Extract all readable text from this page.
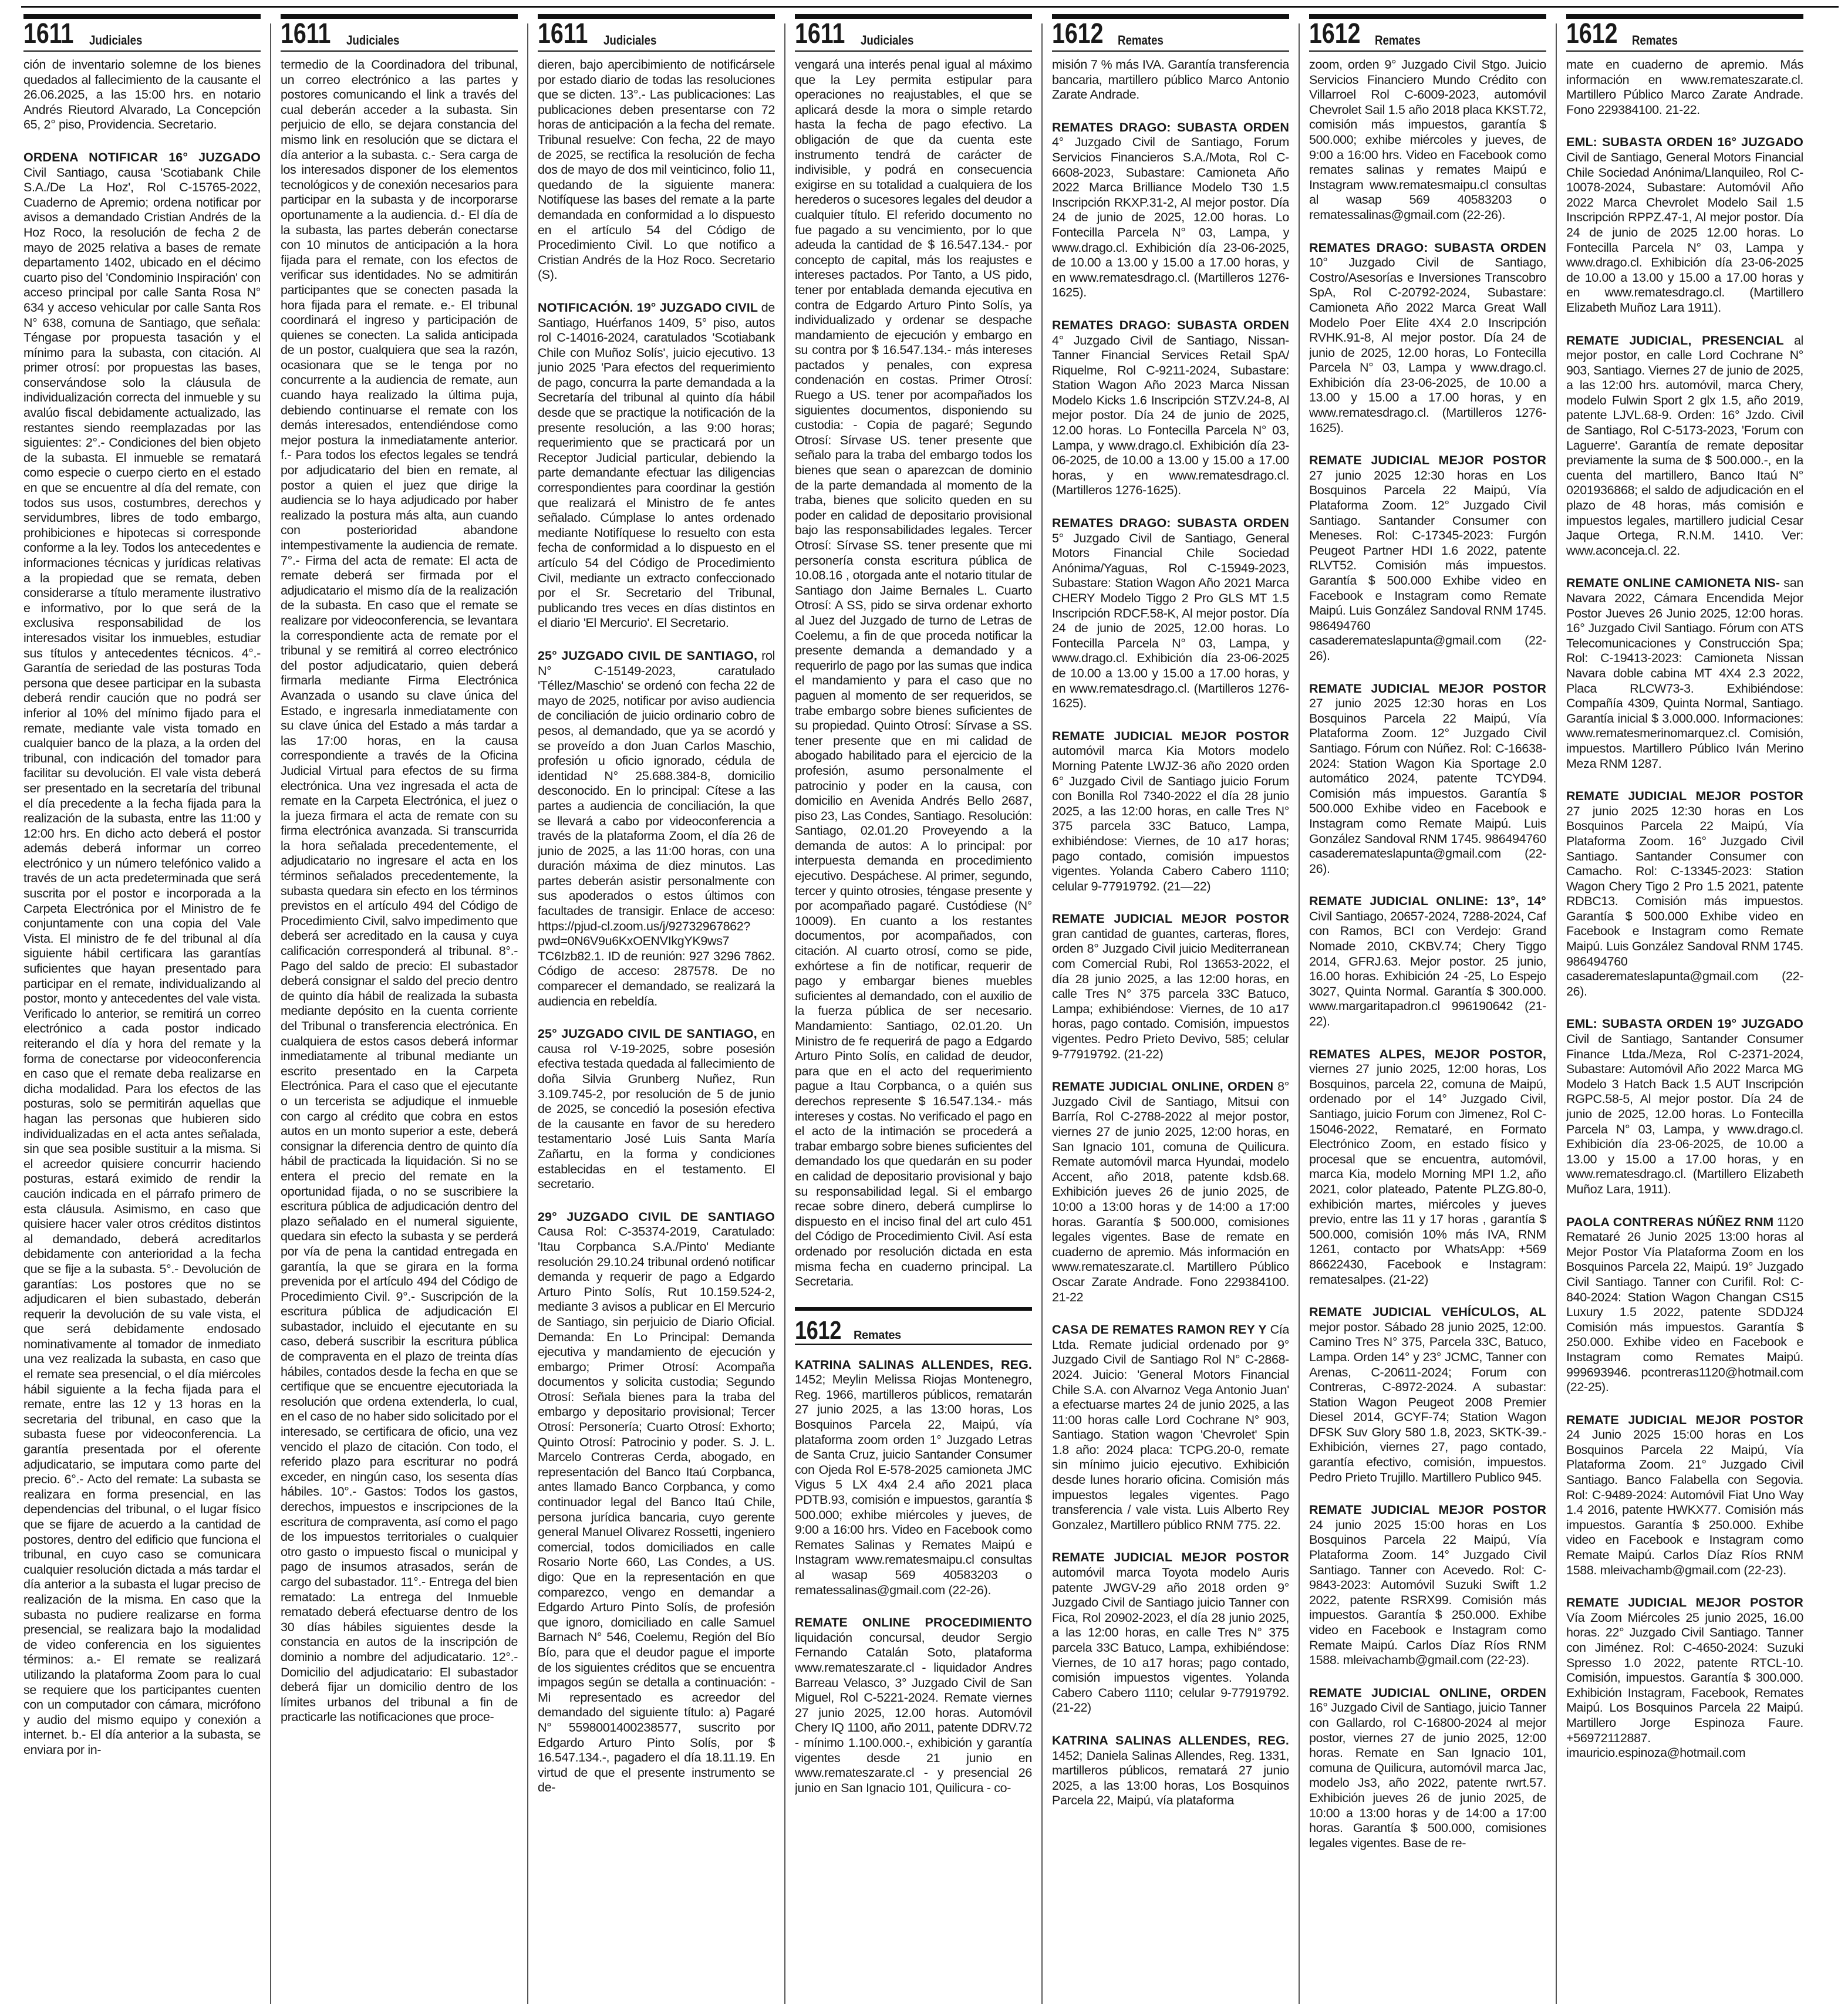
1611 Judiciales

ción de inventario solemne de los bienes quedados al fallecimiento de la causante el 26.06.2025, a las 15:00 hrs. en notario Andrés Rieutord Alvarado, La Concepción 65, 2° piso, Providencia. Secretario.

ORDENA NOTIFICAR 16° JUZGADO Civil Santiago, causa 'Scotiabank Chile S.A./De La Hoz', Rol C-15765-2022, Cuaderno de Apremio; ordena notificar por avisos a demandado Cristian Andrés de la Hoz Roco, la resolución de fecha 2 de mayo de 2025 relativa a bases de remate departamento 1402, ubicado en el décimo cuarto piso del 'Condominio Inspiración' con acceso principal por calle Santa Rosa N° 634 y acceso vehicular por calle Santa Ros N° 638, comuna de Santiago, que señala: Téngase por propuesta tasación y el mínimo para la subasta, con citación. Al primer otrosí: por propuestas las bases, conservándose solo la cláusula de individualización correcta del inmueble y su avalúo fiscal debidamente actualizado, las restantes siendo reemplazadas por las siguientes: 2°.- Condiciones del bien objeto de la subasta. El inmueble se rematará como especie o cuerpo cierto en el estado en que se encuentre al día del remate, con todos sus usos, costumbres, derechos y servidumbres, libres de todo embargo, prohibiciones e hipotecas si corresponde conforme a la ley. Todos los antecedentes e informaciones técnicas y jurídicas relativas a la propiedad que se remata, deben considerarse a título meramente ilustrativo e informativo, por lo que será de la exclusiva responsabilidad de los interesados visitar los inmuebles, estudiar sus títulos y antecedentes técnicos. 4°.- Garantía de seriedad de las posturas Toda persona que desee participar en la subasta deberá rendir caución que no podrá ser inferior al 10% del mínimo fijado para el remate, mediante vale vista tomado en cualquier banco de la plaza, a la orden del tribunal, con indicación del tomador para facilitar su devolución. El vale vista deberá ser presentado en la secretaría del tribunal el día precedente a la fecha fijada para la realización de la subasta, entre las 11:00 y 12:00 hrs. En dicho acto deberá el postor además deberá informar un correo electrónico y un número telefónico valido a través de un acta predeterminada que será suscrita por el postor e incorporada a la Carpeta Electrónica por el Ministro de fe conjuntamente con una copia del Vale Vista. El ministro de fe del tribunal al día siguiente hábil certificara las garantías suficientes que hayan presentado para participar en el remate, individualizando al postor, monto y antecedentes del vale vista. Verificado lo anterior, se remitirá un correo electrónico a cada postor indicado reiterando el día y hora del remate y la forma de conectarse por videoconferencia en caso que el remate deba realizarse en dicha modalidad. Para los efectos de las posturas, solo se permitirán aquellas que hagan las personas que hubieren sido individualizadas en el acta antes señalada, sin que sea posible sustituir a la misma. Si el acreedor quisiere concurrir haciendo posturas, estará eximido de rendir la caución indicada en el párrafo primero de esta cláusula. Asimismo, en caso que quisiere hacer valer otros créditos distintos al demandado, deberá acreditarlos debidamente con anterioridad a la fecha que se fije a la subasta. 5°.- Devolución de garantías: Los postores que no se adjudicaren el bien subastado, deberán requerir la devolución de su vale vista, el que será debidamente endosado nominativamente al tomador de inmediato una vez realizada la subasta, en caso que el remate sea presencial, o el día miércoles hábil siguiente a la fecha fijada para el remate, entre las 12 y 13 horas en la secretaria del tribunal, en caso que la subasta fuese por videoconferencia. La garantía presentada por el oferente adjudicatario, se imputara como parte del precio. 6°.- Acto del remate: La subasta se realizara en forma presencial, en las dependencias del tribunal, o el lugar físico que se fijare de acuerdo a la cantidad de postores, dentro del edificio que funciona el tribunal, en cuyo caso se comunicara cualquier resolución dictada a más tardar el día anterior a la subasta el lugar preciso de realización de la misma. En caso que la subasta no pudiere realizarse en forma presencial, se realizara bajo la modalidad de video conferencia en los siguientes términos: a.- El remate se realizará utilizando la plataforma Zoom para lo cual se requiere que los participantes cuenten con un computador con cámara, micrófono y audio del mismo equipo y conexión a internet. b.- El día anterior a la subasta, se enviara por in-

1611 Judiciales

termedio de la Coordinadora del tribunal, un correo electrónico a las partes y postores comunicando el link a través del cual deberán acceder a la subasta. Sin perjuicio de ello, se dejara constancia del mismo link en resolución que se dictara el día anterior a la subasta. c.- Sera carga de los interesados disponer de los elementos tecnológicos y de conexión necesarios para participar en la subasta y de incorporarse oportunamente a la audiencia. d.- El día de la subasta, las partes deberán conectarse con 10 minutos de anticipación a la hora fijada para el remate, con los efectos de verificar sus identidades. No se admitirán participantes que se conecten pasada la hora fijada para el remate. e.- El tribunal coordinará el ingreso y participación de quienes se conecten. La salida anticipada de un postor, cualquiera que sea la razón, ocasionara que se le tenga por no concurrente a la audiencia de remate, aun cuando haya realizado la última puja, debiendo continuarse el remate con los demás interesados, entendiéndose como mejor postura la inmediatamente anterior. f.- Para todos los efectos legales se tendrá por adjudicatario del bien en remate, al postor a quien el juez que dirige la audiencia se lo haya adjudicado por haber realizado la postura más alta, aun cuando con posterioridad abandone intempestivamente la audiencia de remate. 7°.- Firma del acta de remate: El acta de remate deberá ser firmada por el adjudicatario el mismo día de la realización de la subasta. En caso que el remate se realizare por videoconferencia, se levantara la correspondiente acta de remate por el tribunal y se remitirá al correo electrónico del postor adjudicatario, quien deberá firmarla mediante Firma Electrónica Avanzada o usando su clave única del Estado, e ingresarla inmediatamente con su clave única del Estado a más tardar a las 17:00 horas, en la causa correspondiente a través de la Oficina Judicial Virtual para efectos de su firma electrónica. Una vez ingresada el acta de remate en la Carpeta Electrónica, el juez o la jueza firmara el acta de remate con su firma electrónica avanzada. Si transcurrida la hora señalada precedentemente, el adjudicatario no ingresare el acta en los términos señalados precedentemente, la subasta quedara sin efecto en los términos previstos en el artículo 494 del Código de Procedimiento Civil, salvo impedimento que deberá ser acreditado en la causa y cuya calificación corresponderá al tribunal. 8°.- Pago del saldo de precio: El subastador deberá consignar el saldo del precio dentro de quinto día hábil de realizada la subasta mediante depósito en la cuenta corriente del Tribunal o transferencia electrónica. En cualquiera de estos casos deberá informar inmediatamente al tribunal mediante un escrito presentado en la Carpeta Electrónica. Para el caso que el ejecutante o un tercerista se adjudique el inmueble con cargo al crédito que cobra en estos autos en un monto superior a este, deberá consignar la diferencia dentro de quinto día hábil de practicada la liquidación. Si no se entera el precio del remate en la oportunidad fijada, o no se suscribiere la escritura pública de adjudicación dentro del plazo señalado en el numeral siguiente, quedara sin efecto la subasta y se perderá por vía de pena la cantidad entregada en garantía, la que se girara en la forma prevenida por el artículo 494 del Código de Procedimiento Civil. 9°.- Suscripción de la escritura pública de adjudicación El subastador, incluido el ejecutante en su caso, deberá suscribir la escritura pública de compraventa en el plazo de treinta días hábiles, contados desde la fecha en que se certifique que se encuentre ejecutoriada la resolución que ordena extenderla, lo cual, en el caso de no haber sido solicitado por el interesado, se certificara de oficio, una vez vencido el plazo de citación. Con todo, el referido plazo para escriturar no podrá exceder, en ningún caso, los sesenta días hábiles. 10°.- Gastos: Todos los gastos, derechos, impuestos e inscripciones de la escritura de compraventa, así como el pago de los impuestos territoriales o cualquier otro gasto o impuesto fiscal o municipal y pago de insumos atrasados, serán de cargo del subastador. 11°.- Entrega del bien rematado: La entrega del Inmueble rematado deberá efectuarse dentro de los 30 días hábiles siguientes desde la constancia en autos de la inscripción de dominio a nombre del adjudicatario. 12°.- Domicilio del adjudicatario: El subastador deberá fijar un domicilio dentro de los límites urbanos del tribunal a fin de practicarle las notificaciones que proce-

1611 Judiciales

dieren, bajo apercibimiento de notificársele por estado diario de todas las resoluciones que se dicten. 13°.- Las publicaciones: Las publicaciones deben presentarse con 72 horas de anticipación a la fecha del remate. Tribunal resuelve: Con fecha, 22 de mayo de 2025, se rectifica la resolución de fecha dos de mayo de dos mil veinticinco, folio 11, quedando de la siguiente manera: Notifíquese las bases del remate a la parte demandada en conformidad a lo dispuesto en el artículo 54 del Código de Procedimiento Civil. Lo que notifico a Cristian Andrés de la Hoz Roco. Secretario (S).

NOTIFICACIÓN. 19° JUZGADO CIVIL de Santiago, Huérfanos 1409, 5° piso, autos rol C-14016-2024, caratulados 'Scotiabank Chile con Muñoz Solís', juicio ejecutivo. 13 junio 2025 'Para efectos del requerimiento de pago, concurra la parte demandada a la Secretaría del tribunal al quinto día hábil desde que se practique la notificación de la presente resolución, a las 9:00 horas; requerimiento que se practicará por un Receptor Judicial particular, debiendo la parte demandante efectuar las diligencias correspondientes para coordinar la gestión que realizará el Ministro de fe antes señalado. Cúmplase lo antes ordenado mediante Notifíquese lo resuelto con esta fecha de conformidad a lo dispuesto en el artículo 54 del Código de Procedimiento Civil, mediante un extracto confeccionado por el Sr. Secretario del Tribunal, publicando tres veces en días distintos en el diario 'El Mercurio'. El Secretario.

25° JUZGADO CIVIL DE SANTIAGO, rol N° C-15149-2023, caratulado 'Téllez/Maschio' se ordenó con fecha 22 de mayo de 2025, notificar por aviso audiencia de conciliación de juicio ordinario cobro de pesos, al demandado, que ya se acordó y se proveído a don Juan Carlos Maschio, profesión u oficio ignorado, cédula de identidad N° 25.688.384-8, domicilio desconocido. En lo principal: Cítese a las partes a audiencia de conciliación, la que se llevará a cabo por videoconferencia a través de la plataforma Zoom, el día 26 de junio de 2025, a las 11:00 horas, con una duración máxima de diez minutos. Las partes deberán asistir personalmente con sus apoderados o estos últimos con facultades de transigir. Enlace de acceso: https://pjud-cl.zoom.us/j/92732967862?pwd=0N6V9u6KxOENVIkgYK9ws7 TC6Izb82.1. ID de reunión: 927 3296 7862. Código de acceso: 287578. De no comparecer el demandado, se realizará la audiencia en rebeldía.

25° JUZGADO CIVIL DE SANTIAGO, en causa rol V-19-2025, sobre posesión efectiva testada quedada al fallecimiento de doña Silvia Grunberg Nuñez, Run 3.109.745-2, por resolución de 5 de junio de 2025, se concedió la posesión efectiva de la causante en favor de su heredero testamentario José Luis Santa María Zañartu, en la forma y condiciones establecidas en el testamento. El secretario.

29° JUZGADO CIVIL DE SANTIAGO Causa Rol: C-35374-2019, Caratulado: 'Itau Corpbanca S.A./Pinto' Mediante resolución 29.10.24 tribunal ordenó notificar demanda y requerir de pago a Edgardo Arturo Pinto Solís, Rut 10.159.524-2, mediante 3 avisos a publicar en El Mercurio de Santiago, sin perjuicio de Diario Oficial. Demanda: En Lo Principal: Demanda ejecutiva y mandamiento de ejecución y embargo; Primer Otrosí: Acompaña documentos y solicita custodia; Segundo Otrosí: Señala bienes para la traba del embargo y depositario provisional; Tercer Otrosí: Personería; Cuarto Otrosí: Exhorto; Quinto Otrosí: Patrocinio y poder. S. J. L. Marcelo Contreras Cerda, abogado, en representación del Banco Itaú Corpbanca, antes llamado Banco Corpbanca, y como continuador legal del Banco Itaú Chile, persona jurídica bancaria, cuyo gerente general Manuel Olivarez Rossetti, ingeniero comercial, todos domiciliados en calle Rosario Norte 660, Las Condes, a US. digo: Que en la representación en que comparezco, vengo en demandar a Edgardo Arturo Pinto Solís, de profesión que ignoro, domiciliado en calle Samuel Barnach N° 546, Coelemu, Región del Bío Bío, para que el deudor pague el importe de los siguientes créditos que se encuentra impagos según se detalla a continuación: - Mi representado es acreedor del demandado del siguiente título: a) Pagaré N° 5598001400238577, suscrito por Edgardo Arturo Pinto Solís, por $ 16.547.134.-, pagadero el día 18.11.19. En virtud de que el presente instrumento se de-

1611 Judiciales

vengará una interés penal igual al máximo que la Ley permita estipular para operaciones no reajustables, el que se aplicará desde la mora o simple retardo hasta la fecha de pago efectivo. La obligación de que da cuenta este instrumento tendrá de carácter de indivisible, y podrá en consecuencia exigirse en su totalidad a cualquiera de los herederos o sucesores legales del deudor a cualquier título. El referido documento no fue pagado a su vencimiento, por lo que adeuda la cantidad de $ 16.547.134.- por concepto de capital, más los reajustes e intereses pactados. Por Tanto, a US pido, tener por entablada demanda ejecutiva en contra de Edgardo Arturo Pinto Solís, ya individualizado y ordenar se despache mandamiento de ejecución y embargo en su contra por $ 16.547.134.- más intereses pactados y penales, con expresa condenación en costas. Primer Otrosí: Ruego a US. tener por acompañados los siguientes documentos, disponiendo su custodia: - Copia de pagaré; Segundo Otrosí: Sírvase US. tener presente que señalo para la traba del embargo todos los bienes que sean o aparezcan de dominio de la parte demandada al momento de la traba, bienes que solicito queden en su poder en calidad de depositario provisional bajo las responsabilidades legales. Tercer Otrosí: Sírvase SS. tener presente que mi personería consta escritura pública de 10.08.16 , otorgada ante el notario titular de Santiago don Jaime Bernales L. Cuarto Otrosí: A SS, pido se sirva ordenar exhorto al Juez del Juzgado de turno de Letras de Coelemu, a fin de que proceda notificar la presente demanda a demandado y a requerirlo de pago por las sumas que indica el mandamiento y para el caso que no paguen al momento de ser requeridos, se trabe embargo sobre bienes suficientes de su propiedad. Quinto Otrosí: Sírvase a SS. tener presente que en mi calidad de abogado habilitado para el ejercicio de la profesión, asumo personalmente el patrocinio y poder en la causa, con domicilio en Avenida Andrés Bello 2687, piso 23, Las Condes, Santiago. Resolución: Santiago, 02.01.20 Proveyendo a la demanda de autos: A lo principal: por interpuesta demanda en procedimiento ejecutivo. Despáchese. Al primer, segundo, tercer y quinto otrosies, téngase presente y por acompañado pagaré. Custódiese (N° 10009). En cuanto a los restantes documentos, por acompañados, con citación. Al cuarto otrosí, como se pide, exhórtese a fin de notificar, requerir de pago y embargar bienes muebles suficientes al demandado, con el auxilio de la fuerza pública de ser necesario. Mandamiento: Santiago, 02.01.20. Un Ministro de fe requerirá de pago a Edgardo Arturo Pinto Solís, en calidad de deudor, para que en el acto del requerimiento pague a Itau Corpbanca, o a quién sus derechos represente $ 16.547.134.- más intereses y costas. No verificado el pago en el acto de la intimación se procederá a trabar embargo sobre bienes suficientes del demandado los que quedarán en su poder en calidad de depositario provisional y bajo su responsabilidad legal. Si el embargo recae sobre dinero, deberá cumplirse lo dispuesto en el inciso final del art culo 451 del Código de Procedimiento Civil. Así esta ordenado por resolución dictada en esta misma fecha en cuaderno principal. La Secretaria.

1612 Remates

KATRINA SALINAS ALLENDES, REG. 1452; Meylin Melissa Riojas Montenegro, Reg. 1966, martilleros públicos, rematarán 27 junio 2025, a las 13:00 horas, Los Bosquinos Parcela 22, Maipú, vía plataforma zoom orden 1° Juzgado Letras de Santa Cruz, juicio Santander Consumer con Ojeda Rol E-578-2025 camioneta JMC Vigus 5 LX 4x4 2.4 año 2021 placa PDTB.93, comisión e impuestos, garantía $ 500.000; exhibe miércoles y jueves, de 9:00 a 16:00 hrs. Video en Facebook como Remates Salinas y Remates Maipú e Instagram www.rematesmaipu.cl consultas al wasap 569 40583203 o rematessalinas@gmail.com (22-26).

REMATE ONLINE PROCEDIMIENTO liquidación concursal, deudor Sergio Fernando Catalán Soto, plataforma www.remateszarate.cl - liquidador Andres Barreau Velasco, 3° Juzgado Civil de San Miguel, Rol C-5221-2024. Remate viernes 27 junio 2025, 12.00 horas. Automóvil Chery IQ 1100, año 2011, patente DDRV.72 - mínimo 1.100.000.-, exhibición y garantía vigentes desde 21 junio en www.remateszarate.cl - y presencial 26 junio en San Ignacio 101, Quilicura - co-

1612 Remates

misión 7 % más IVA. Garantía transferencia bancaria, martillero público Marco Antonio Zarate Andrade.

REMATES DRAGO: SUBASTA ORDEN 4° Juzgado Civil de Santiago, Forum Servicios Financieros S.A./Mota, Rol C-6608-2023, Subastare: Camioneta Año 2022 Marca Brilliance Modelo T30 1.5 Inscripción RKXP.31-2, Al mejor postor. Día 24 de junio de 2025, 12.00 horas. Lo Fontecilla Parcela N° 03, Lampa, y www.drago.cl. Exhibición día 23-06-2025, de 10.00 a 13.00 y 15.00 a 17.00 horas, y en www.rematesdrago.cl. (Martilleros 1276-1625).

REMATES DRAGO: SUBASTA ORDEN 4° Juzgado Civil de Santiago, Nissan-Tanner Financial Services Retail SpA/ Riquelme, Rol C-9211-2024, Subastare: Station Wagon Año 2023 Marca Nissan Modelo Kicks 1.6 Inscripción STZV.24-8, Al mejor postor. Día 24 de junio de 2025, 12.00 horas. Lo Fontecilla Parcela N° 03, Lampa, y www.drago.cl. Exhibición día 23-06-2025, de 10.00 a 13.00 y 15.00 a 17.00 horas, y en www.rematesdrago.cl. (Martilleros 1276-1625).

REMATES DRAGO: SUBASTA ORDEN 5° Juzgado Civil de Santiago, General Motors Financial Chile Sociedad Anónima/Yaguas, Rol C-15949-2023, Subastare: Station Wagon Año 2021 Marca CHERY Modelo Tiggo 2 Pro GLS MT 1.5 Inscripción RDCF.58-K, Al mejor postor. Día 24 de junio de 2025, 12.00 horas. Lo Fontecilla Parcela N° 03, Lampa, y www.drago.cl. Exhibición día 23-06-2025 de 10.00 a 13.00 y 15.00 a 17.00 horas, y en www.rematesdrago.cl. (Martilleros 1276-1625).

REMATE JUDICIAL MEJOR POSTOR automóvil marca Kia Motors modelo Morning Patente LWJZ-36 año 2020 orden 6° Juzgado Civil de Santiago juicio Forum con Bonilla Rol 7340-2022 el día 28 junio 2025, a las 12:00 horas, en calle Tres N° 375 parcela 33C Batuco, Lampa, exhibiéndose: Viernes, de 10 a17 horas; pago contado, comisión impuestos vigentes. Yolanda Cabero Cabero 1110; celular 9-77919792. (21—22)

REMATE JUDICIAL MEJOR POSTOR gran cantidad de guantes, carteras, flores, orden 8° Juzgado Civil juicio Mediterranean com Comercial Rubi, Rol 13653-2022, el día 28 junio 2025, a las 12:00 horas, en calle Tres N° 375 parcela 33C Batuco, Lampa; exhibiéndose: Viernes, de 10 a17 horas, pago contado. Comisión, impuestos vigentes. Pedro Prieto Devivo, 585; celular 9-77919792. (21-22)

REMATE JUDICIAL ONLINE, ORDEN 8° Juzgado Civil de Santiago, Mitsui con Barría, Rol C-2788-2022 al mejor postor, viernes 27 de junio 2025, 12:00 horas, en San Ignacio 101, comuna de Quilicura. Remate automóvil marca Hyundai, modelo Accent, año 2018, patente kdsb.68. Exhibición jueves 26 de junio 2025, de 10:00 a 13:00 horas y de 14:00 a 17:00 horas. Garantía $ 500.000, comisiones legales vigentes. Base de remate en cuaderno de apremio. Más información en www.remateszarate.cl. Martillero Público Oscar Zarate Andrade. Fono 229384100. 21-22

CASA DE REMATES RAMON REY Y Cía Ltda. Remate judicial ordenado por 9° Juzgado Civil de Santiago Rol N° C-2868-2024. Juicio: 'General Motors Financial Chile S.A. con Alvarnoz Vega Antonio Juan' a efectuarse martes 24 de junio 2025, a las 11:00 horas calle Lord Cochrane N° 903, Santiago. Station wagon 'Chevrolet' Spin 1.8 año: 2024 placa: TCPG.20-0, remate sin mínimo juicio ejecutivo. Exhibición desde lunes horario oficina. Comisión más impuestos legales vigentes. Pago transferencia / vale vista. Luis Alberto Rey Gonzalez, Martillero público RNM 775. 22.

REMATE JUDICIAL MEJOR POSTOR automóvil marca Toyota modelo Auris patente JWGV-29 año 2018 orden 9° Juzgado Civil de Santiago juicio Tanner con Fica, Rol 20902-2023, el día 28 junio 2025, a las 12:00 horas, en calle Tres N° 375 parcela 33C Batuco, Lampa, exhibiéndose: Viernes, de 10 a17 horas; pago contado, comisión impuestos vigentes. Yolanda Cabero Cabero 1110; celular 9-77919792. (21-22)

KATRINA SALINAS ALLENDES, REG. 1452; Daniela Salinas Allendes, Reg. 1331, martilleros públicos, rematará 27 junio 2025, a las 13:00 horas, Los Bosquinos Parcela 22, Maipú, vía plataforma

1612 Remates

zoom, orden 9° Juzgado Civil Stgo. Juicio Servicios Financiero Mundo Crédito con Villarroel Rol C-6009-2023, automóvil Chevrolet Sail 1.5 año 2018 placa KKST.72, comisión más impuestos, garantía $ 500.000; exhibe miércoles y jueves, de 9:00 a 16:00 hrs. Video en Facebook como remates salinas y remates Maipú e Instagram www.rematesmaipu.cl consultas al wasap 569 40583203 o rematessalinas@gmail.com (22-26).

REMATES DRAGO: SUBASTA ORDEN 10° Juzgado Civil de Santiago, Costro/Asesorías e Inversiones Transcobro SpA, Rol C-20792-2024, Subastare: Camioneta Año 2022 Marca Great Wall Modelo Poer Elite 4X4 2.0 Inscripción RVHK.91-8, Al mejor postor. Día 24 de junio de 2025, 12.00 horas, Lo Fontecilla Parcela N° 03, Lampa y www.drago.cl. Exhibición día 23-06-2025, de 10.00 a 13.00 y 15.00 a 17.00 horas, y en www.rematesdrago.cl. (Martilleros 1276-1625).

REMATE JUDICIAL MEJOR POSTOR 27 junio 2025 12:30 horas en Los Bosquinos Parcela 22 Maipú, Vía Plataforma Zoom. 12° Juzgado Civil Santiago. Santander Consumer con Meneses. Rol: C-17345-2023: Furgón Peugeot Partner HDI 1.6 2022, patente RLVT52. Comisión más impuestos. Garantía $ 500.000 Exhibe video en Facebook e Instagram como Remate Maipú. Luis González Sandoval RNM 1745. 986494760 casaderemateslapunta@gmail.com (22-26).

REMATE JUDICIAL MEJOR POSTOR 27 junio 2025 12:30 horas en Los Bosquinos Parcela 22 Maipú, Vía Plataforma Zoom. 12° Juzgado Civil Santiago. Fórum con Núñez. Rol: C-16638-2024: Station Wagon Kia Sportage 2.0 automático 2024, patente TCYD94. Comisión más impuestos. Garantía $ 500.000 Exhibe video en Facebook e Instagram como Remate Maipú. Luis González Sandoval RNM 1745. 986494760 casaderemateslapunta@gmail.com (22-26).

REMATE JUDICIAL ONLINE: 13°, 14° Civil Santiago, 20657-2024, 7288-2024, Caf con Ramos, BCI con Verdejo: Grand Nomade 2010, CKBV.74; Chery Tiggo 2014, GFRJ.63. Mejor postor. 25 junio, 16.00 horas. Exhibición 24 -25, Lo Espejo 3027, Quinta Normal. Garantía $ 300.000. www.margaritapadron.cl 996190642 (21-22).

REMATES ALPES, MEJOR POSTOR, viernes 27 junio 2025, 12:00 horas, Los Bosquinos, parcela 22, comuna de Maipú, ordenado por el 14° Juzgado Civil, Santiago, juicio Forum con Jimenez, Rol C-15046-2022, Remataré, en Formato Electrónico Zoom, en estado físico y procesal que se encuentra, automóvil, marca Kia, modelo Morning MPI 1.2, año 2021, color plateado, Patente PLZG.80-0, exhibición martes, miércoles y jueves previo, entre las 11 y 17 horas , garantía $ 500.000, comisión 10% más IVA, RNM 1261, contacto por WhatsApp: +569 86622430, Facebook e Instagram: rematesalpes. (21-22)

REMATE JUDICIAL VEHÍCULOS, AL mejor postor. Sábado 28 junio 2025, 12:00. Camino Tres N° 375, Parcela 33C, Batuco, Lampa. Orden 14° y 23° JCMC, Tanner con Arenas, C-20611-2024; Forum con Contreras, C-8972-2024. A subastar: Station Wagon Peugeot 2008 Premier Diesel 2014, GCYF-74; Station Wagon DFSK Suv Glory 580 1.8, 2023, SKTK-39.- Exhibición, viernes 27, pago contado, garantía efectivo, comisión, impuestos. Pedro Prieto Trujillo. Martillero Publico 945.

REMATE JUDICIAL MEJOR POSTOR 24 junio 2025 15:00 horas en Los Bosquinos Parcela 22 Maipú, Vía Plataforma Zoom. 14° Juzgado Civil Santiago. Tanner con Acevedo. Rol: C-9843-2023: Automóvil Suzuki Swift 1.2 2022, patente RSRX99. Comisión más impuestos. Garantía $ 250.000. Exhibe video en Facebook e Instagram como Remate Maipú. Carlos Díaz Ríos RNM 1588. mleivachamb@gmail.com (22-23).

REMATE JUDICIAL ONLINE, ORDEN 16° Juzgado Civil de Santiago, juicio Tanner con Gallardo, rol C-16800-2024 al mejor postor, viernes 27 de junio 2025, 12:00 horas. Remate en San Ignacio 101, comuna de Quilicura, automóvil marca Jac, modelo Js3, año 2022, patente rwrt.57. Exhibición jueves 26 de junio 2025, de 10:00 a 13:00 horas y de 14:00 a 17:00 horas. Garantía $ 500.000, comisiones legales vigentes. Base de re-

1612 Remates

mate en cuaderno de apremio. Más información en www.remateszarate.cl. Martillero Público Marco Zarate Andrade. Fono 229384100. 21-22.

EML: SUBASTA ORDEN 16° JUZGADO Civil de Santiago, General Motors Financial Chile Sociedad Anónima/Llanquileo, Rol C-10078-2024, Subastare: Automóvil Año 2022 Marca Chevrolet Modelo Sail 1.5 Inscripción RPPZ.47-1, Al mejor postor. Día 24 de junio de 2025 12.00 horas. Lo Fontecilla Parcela N° 03, Lampa y www.drago.cl. Exhibición día 23-06-2025 de 10.00 a 13.00 y 15.00 a 17.00 horas y en www.rematesdrago.cl. (Martillero Elizabeth Muñoz Lara 1911).

REMATE JUDICIAL, PRESENCIAL al mejor postor, en calle Lord Cochrane N° 903, Santiago. Viernes 27 de junio de 2025, a las 12:00 hrs. automóvil, marca Chery, modelo Fulwin Sport 2 glx 1.5, año 2019, patente LJVL.68-9. Orden: 16° Jzdo. Civil de Santiago, Rol C-5173-2023, 'Forum con Laguerre'. Garantía de remate depositar previamente la suma de $ 500.000.-, en la cuenta del martillero, Banco Itaú N° 0201936868; el saldo de adjudicación en el plazo de 48 horas, más comisión e impuestos legales, martillero judicial Cesar Jaque Ortega, R.N.M. 1410. Ver: www.aconceja.cl. 22.

REMATE ONLINE CAMIONETA NIS- san Navara 2022, Cámara Encendida Mejor Postor Jueves 26 Junio 2025, 12:00 horas. 16° Juzgado Civil Santiago. Fórum con ATS Telecomunicaciones y Construcción Spa; Rol: C-19413-2023: Camioneta Nissan Navara doble cabina MT 4X4 2.3 2022, Placa RLCW73-3. Exhibiéndose: Compañía 4309, Quinta Normal, Santiago. Garantía inicial $ 3.000.000. Informaciones: www.rematesmerinomarquez.cl. Comisión, impuestos. Martillero Público Iván Merino Meza RNM 1287.

REMATE JUDICIAL MEJOR POSTOR 27 junio 2025 12:30 horas en Los Bosquinos Parcela 22 Maipú, Vía Plataforma Zoom. 16° Juzgado Civil Santiago. Santander Consumer con Camacho. Rol: C-13345-2023: Station Wagon Chery Tigo 2 Pro 1.5 2021, patente RDBC13. Comisión más impuestos. Garantía $ 500.000 Exhibe video en Facebook e Instagram como Remate Maipú. Luis González Sandoval RNM 1745. 986494760 casaderemateslapunta@gmail.com (22-26).

EML: SUBASTA ORDEN 19° JUZGADO Civil de Santiago, Santander Consumer Finance Ltda./Meza, Rol C-2371-2024, Subastare: Automóvil Año 2022 Marca MG Modelo 3 Hatch Back 1.5 AUT Inscripción RGPC.58-5, Al mejor postor. Día 24 de junio de 2025, 12.00 horas. Lo Fontecilla Parcela N° 03, Lampa, y www.drago.cl. Exhibición día 23-06-2025, de 10.00 a 13.00 y 15.00 a 17.00 horas, y en www.rematesdrago.cl. (Martillero Elizabeth Muñoz Lara, 1911).

PAOLA CONTRERAS NÚÑEZ RNM 1120 Remataré 26 Junio 2025 13:00 horas al Mejor Postor Vía Plataforma Zoom en los Bosquinos Parcela 22, Maipú. 19° Juzgado Civil Santiago. Tanner con Curifil. Rol: C-840-2024: Station Wagon Changan CS15 Luxury 1.5 2022, patente SDDJ24 Comisión más impuestos. Garantía $ 250.000. Exhibe video en Facebook e Instagram como Remates Maipú. 999693946. pcontreras1120@hotmail.com (22-25).

REMATE JUDICIAL MEJOR POSTOR 24 Junio 2025 15:00 horas en Los Bosquinos Parcela 22 Maipú, Vía Plataforma Zoom. 21° Juzgado Civil Santiago. Banco Falabella con Segovia. Rol: C-9489-2024: Automóvil Fiat Uno Way 1.4 2016, patente HWKX77. Comisión más impuestos. Garantía $ 250.000. Exhibe video en Facebook e Instagram como Remate Maipú. Carlos Díaz Ríos RNM 1588. mleivachamb@gmail.com (22-23).

REMATE JUDICIAL MEJOR POSTOR Vía Zoom Miércoles 25 junio 2025, 16.00 horas. 22° Juzgado Civil Santiago. Tanner con Jiménez. Rol: C-4650-2024: Suzuki Spresso 1.0 2022, patente RTCL-10. Comisión, impuestos. Garantía $ 300.000. Exhibición Instagram, Facebook, Remates Maipú. Los Bosquinos Parcela 22 Maipú. Martillero Jorge Espinoza Faure. +56972112887. imauricio.espinoza@hotmail.com
